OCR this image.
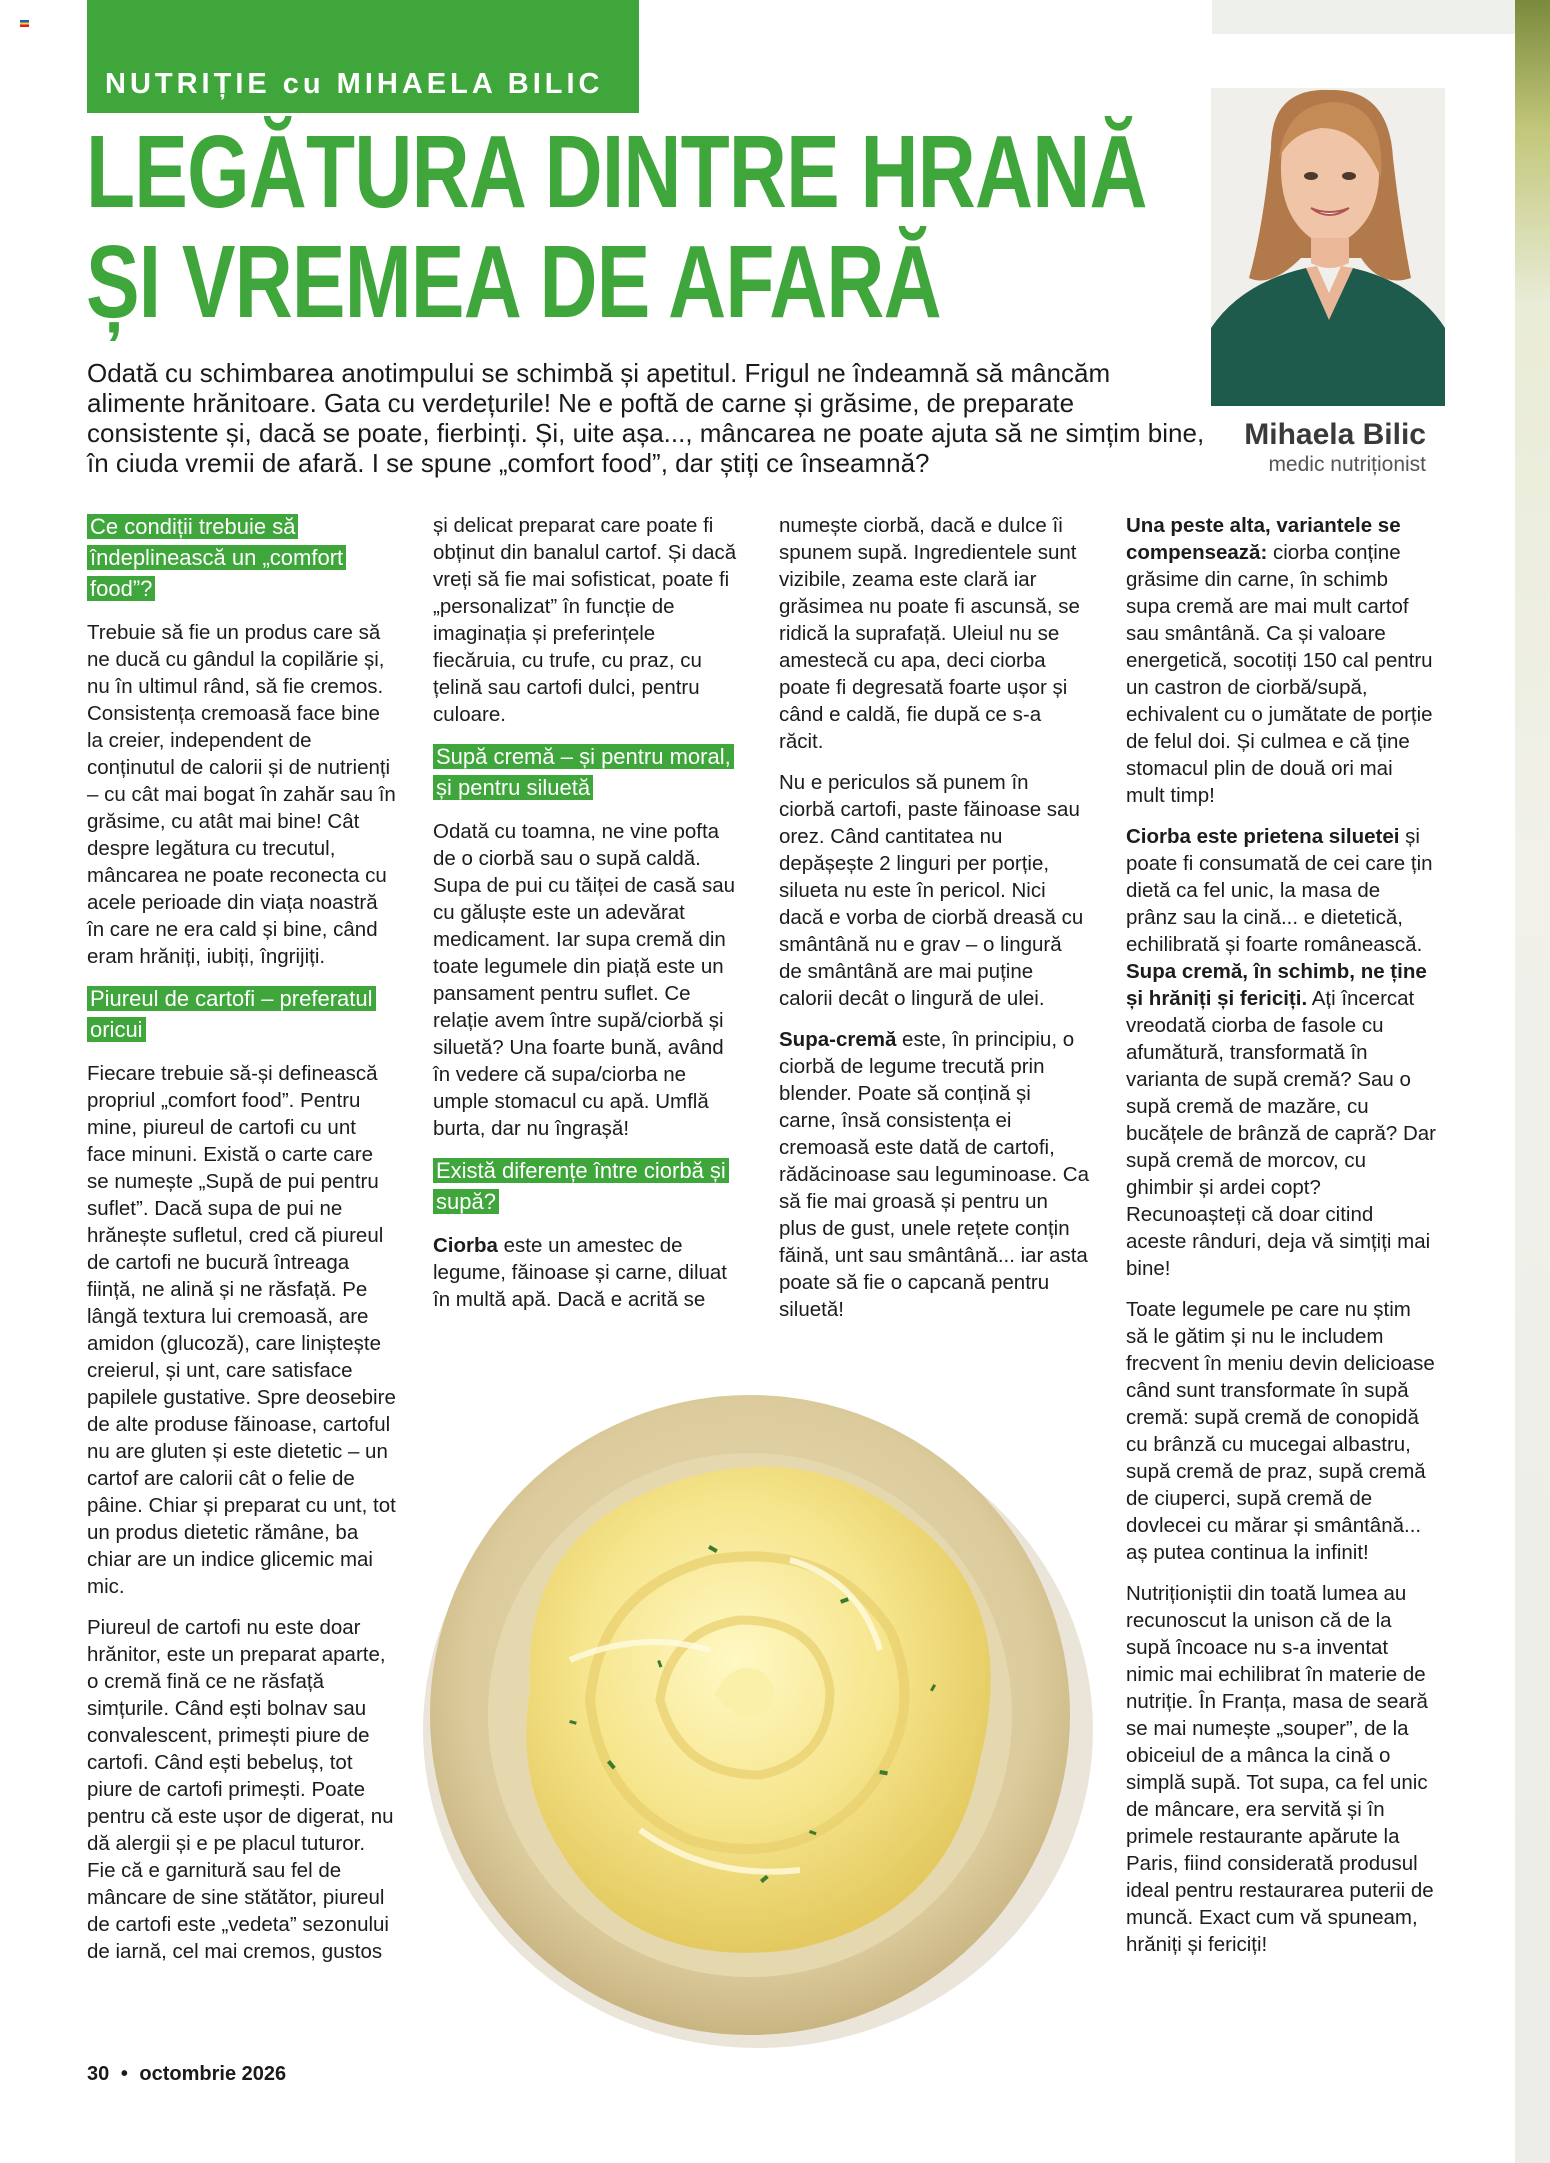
NUTRIȚIE cu MIHAELA BILIC
LEGĂTURA DINTRE HRANĂ
ȘI VREMEA DE AFARĂ
Odată cu schimbarea anotimpului se schimbă și apetitul. Frigul ne îndeamnă să mâncăm alimente hrănitoare. Gata cu verdețurile! Ne e poftă de carne și grăsime, de preparate consistente și, dacă se poate, fierbinți. Și, uite așa..., mâncarea ne poate ajuta să ne simțim bine, în ciuda vremii de afară. I se spune „comfort food”, dar știți ce înseamnă?
Mihaela Bilic
medic nutriționist
Ce condiții trebuie să îndeplinească un „comfort food”?

Trebuie să fie un produs care să ne ducă cu gândul la copilărie și, nu în ultimul rând, să fie cremos. Consistența cremoasă face bine la creier, independent de conținutul de calorii și de nutrienți – cu cât mai bogat în zahăr sau în grăsime, cu atât mai bine! Cât despre legătura cu trecutul, mâncarea ne poate reconecta cu acele perioade din viața noastră în care ne era cald și bine, când eram hrăniți, iubiți, îngrijiți.

Piureul de cartofi – preferatul oricui

Fiecare trebuie să-și definească propriul „comfort food”. Pentru mine, piureul de cartofi cu unt face minuni. Există o carte care se numește „Supă de pui pentru suflet”. Dacă supa de pui ne hrănește sufletul, cred că piureul de cartofi ne bucură întreaga ființă, ne alină și ne răsfață. Pe lângă textura lui cremoasă, are amidon (glucoză), care liniștește creierul, și unt, care satisface papilele gustative. Spre deosebire de alte produse făinoase, cartoful nu are gluten și este dietetic – un cartof are calorii cât o felie de pâine. Chiar și preparat cu unt, tot un produs dietetic rămâne, ba chiar are un indice glicemic mai mic.

Piureul de cartofi nu este doar hrănitor, este un preparat aparte, o cremă fină ce ne răsfață simțurile. Când ești bolnav sau convalescent, primești piure de cartofi. Când ești bebeluș, tot piure de cartofi primești. Poate pentru că este ușor de digerat, nu dă alergii și e pe placul tuturor. Fie că e garnitură sau fel de mâncare de sine stătător, piureul de cartofi este „vedeta” sezonului de iarnă, cel mai cremos, gustos

și delicat preparat care poate fi obținut din banalul cartof. Și dacă vreți să fie mai sofisticat, poate fi „personalizat” în funcție de imaginația și preferințele fiecăruia, cu trufe, cu praz, cu țelină sau cartofi dulci, pentru culoare.

Supă cremă – și pentru moral, și pentru siluetă

Odată cu toamna, ne vine pofta de o ciorbă sau o supă caldă. Supa de pui cu tăiței de casă sau cu găluște este un adevărat medicament. Iar supa cremă din toate legumele din piață este un pansament pentru suflet. Ce relație avem între supă/ciorbă și siluetă? Una foarte bună, având în vedere că supa/ciorba ne umple stomacul cu apă. Umflă burta, dar nu îngrașă!

Există diferențe între ciorbă și supă?

Ciorba este un amestec de legume, făinoase și carne, diluat în multă apă. Dacă e acrită se

numește ciorbă, dacă e dulce îi spunem supă. Ingredientele sunt vizibile, zeama este clară iar grăsimea nu poate fi ascunsă, se ridică la suprafață. Uleiul nu se amestecă cu apa, deci ciorba poate fi degresată foarte ușor și când e caldă, fie după ce s-a răcit.

Nu e periculos să punem în ciorbă cartofi, paste făinoase sau orez. Când cantitatea nu depășește 2 linguri per porție, silueta nu este în pericol. Nici dacă e vorba de ciorbă dreasă cu smântână nu e grav – o lingură de smântână are mai puține calorii decât o lingură de ulei.

Supa-cremă este, în principiu, o ciorbă de legume trecută prin blender. Poate să conțină și carne, însă consistența ei cremoasă este dată de cartofi, rădăcinoase sau leguminoase. Ca să fie mai groasă și pentru un plus de gust, unele rețete conțin făină, unt sau smântână... iar asta poate să fie o capcană pentru siluetă!

Una peste alta, variantele se compensează: ciorba conține grăsime din carne, în schimb supa cremă are mai mult cartof sau smântână. Ca și valoare energetică, socotiți 150 cal pentru un castron de ciorbă/supă, echivalent cu o jumătate de porție de felul doi. Și culmea e că ține stomacul plin de două ori mai mult timp!

Ciorba este prietena siluetei și poate fi consumată de cei care țin dietă ca fel unic, la masa de prânz sau la cină... e dietetică, echilibrată și foarte românească. Supa cremă, în schimb, ne ține și hrăniți și fericiți. Ați încercat vreodată ciorba de fasole cu afumătură, transformată în varianta de supă cremă? Sau o supă cremă de mazăre, cu bucățele de brânză de capră? Dar supă cremă de morcov, cu ghimbir și ardei copt? Recunoașteți că doar citind aceste rânduri, deja vă simțiți mai bine!

Toate legumele pe care nu știm să le gătim și nu le includem frecvent în meniu devin delicioase când sunt transformate în supă cremă: supă cremă de conopidă cu brânză cu mucegai albastru, supă cremă de praz, supă cremă de ciuperci, supă cremă de dovlecei cu mărar și smântână... aș putea continua la infinit!

Nutriționiștii din toată lumea au recunoscut la unison că de la supă încoace nu s-a inventat nimic mai echilibrat în materie de nutriție. În Franța, masa de seară se mai numește „souper”, de la obiceiul de a mânca la cină o simplă supă. Tot supa, ca fel unic de mâncare, era servită și în primele restaurante apărute la Paris, fiind considerată produsul ideal pentru restaurarea puterii de muncă. Exact cum vă spuneam, hrăniți și fericiți!

30 • octombrie 2026
